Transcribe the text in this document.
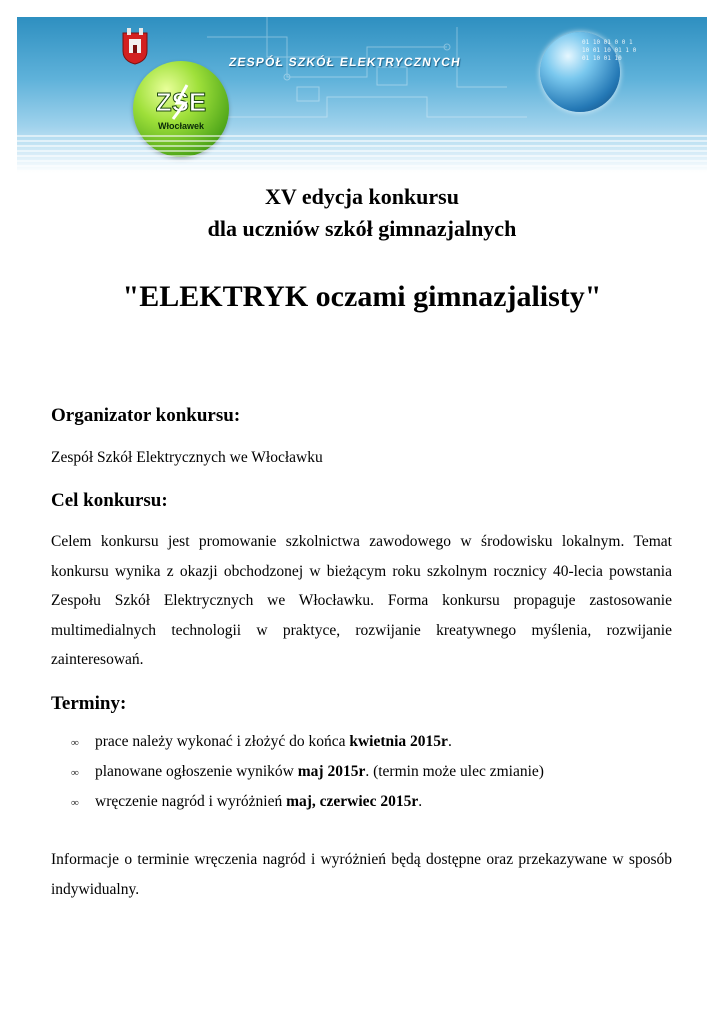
ZSE
Włocławek
ZESPÓŁ SZKÓŁ ELEKTRYCZNYCH
01 10 01 0 0 1
10 01 10 01 1 0
01 10 01 10
XV edycja konkursu
dla uczniów szkół gimnazjalnych
"ELEKTRYK oczami gimnazjalisty"
Organizator konkursu:
Zespół Szkół Elektrycznych we Włocławku
Cel konkursu:
Celem konkursu jest promowanie szkolnictwa zawodowego w środowisku lokalnym. Temat konkursu wynika z okazji obchodzonej w bieżącym roku szkolnym rocznicy 40-lecia powstania Zespołu Szkół Elektrycznych we Włocławku. Forma konkursu propaguje zastosowanie multimedialnych technologii w praktyce, rozwijanie kreatywnego myślenia, rozwijanie zainteresowań.
Terminy:
∞ prace należy wykonać i złożyć do końca kwietnia 2015r.
∞ planowane ogłoszenie wyników maj 2015r. (termin może ulec zmianie)
∞ wręczenie nagród i wyróżnień maj, czerwiec 2015r.
Informacje o terminie wręczenia nagród i wyróżnień będą dostępne oraz przekazywane w sposób indywidualny.
